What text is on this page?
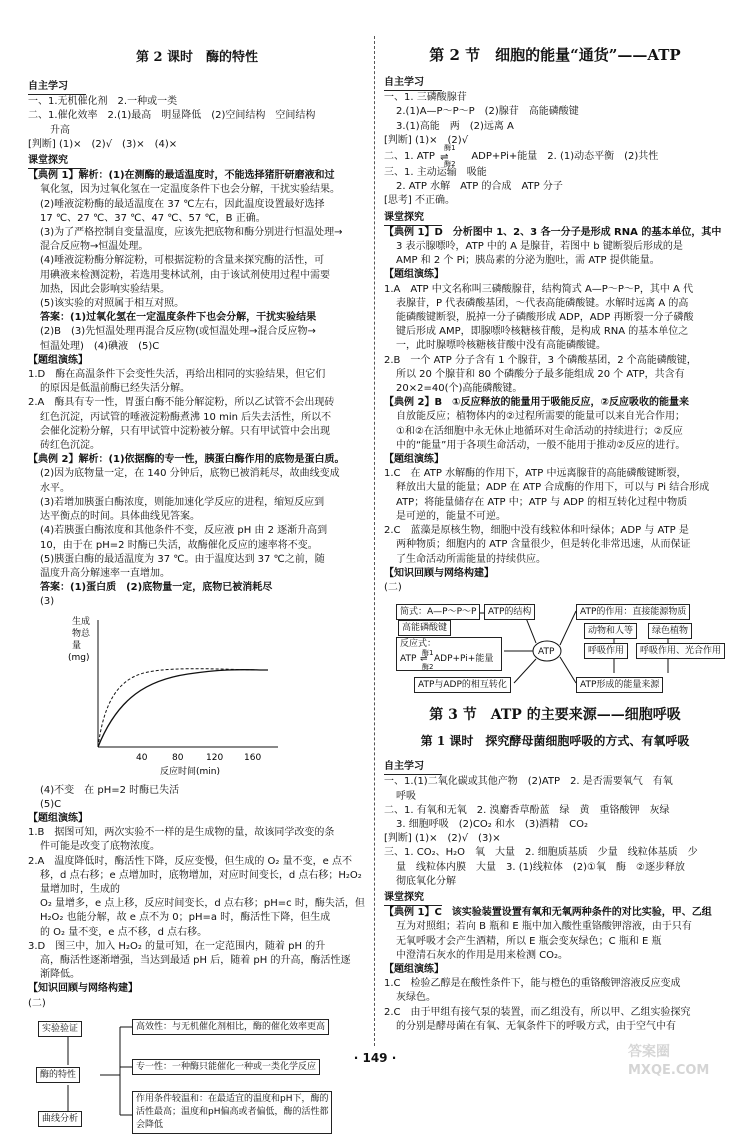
第 2 课时　酶的特性
自主学习

一、1.无机催化剂　2.一种或一类

二、1.催化效率　2.(1)最高　明显降低　(2)空间结构　空间结构

升高

[判断] (1)×　(2)√　(3)×　(4)×

课堂探究

【典例 1】解析：(1)在测酶的最适温度时，不能选择猪肝研磨液和过

氧化氢，因为过氧化氢在一定温度条件下也会分解，干扰实验结果。

(2)唾液淀粉酶的最适温度在 37 ℃左右，因此温度设置最好选择

17 ℃、27 ℃、37 ℃、47 ℃、57 ℃，B 正确。

(3)为了严格控制自变量温度，应该先把底物和酶分别进行恒温处理→

混合反应物→恒温处理。

(4)唾液淀粉酶分解淀粉，可根据淀粉的含量来探究酶的活性，可

用碘液来检测淀粉，若选用斐林试剂，由于该试剂使用过程中需要

加热，因此会影响实验结果。

(5)该实验的对照属于相互对照。

答案：(1)过氧化氢在一定温度条件下也会分解，干扰实验结果

(2)B　(3)先恒温处理再混合反应物(或恒温处理→混合反应物→

恒温处理)　(4)碘液　(5)C

【题组演练】

1.D　酶在高温条件下会变性失活，再给出相同的实验结果，但它们

的原因是低温前酶已经失活分解。

2.A　酶具有专一性，胃蛋白酶不能分解淀粉，所以乙试管不会出现砖

红色沉淀，丙试管的唾液淀粉酶煮沸 10 min 后失去活性，所以不

会催化淀粉分解，只有甲试管中淀粉被分解。只有甲试管中会出现

砖红色沉淀。

【典例 2】解析：(1)依据酶的专一性，胰蛋白酶作用的底物是蛋白质。

(2)因为底物量一定，在 140 分钟后，底物已被消耗尽，故曲线变成

水平。

(3)若增加胰蛋白酶浓度，则能加速化学反应的进程，缩短反应到

达平衡点的时间。具体曲线见答案。

(4)若胰蛋白酶浓度和其他条件不变，反应液 pH 由 2 逐渐升高到

10，由于在 pH=2 时酶已失活，故酶催化反应的速率将不变。

(5)胰蛋白酶的最适温度为 37 ℃。由于温度达到 37 ℃之前，随

温度升高分解速率一直增加。

答案：(1)蛋白质　(2)底物量一定，底物已被消耗尽

(3)

生成
物总
量
(mg)
40	80	120 160
反应时间(min)

(4)不变　在 pH=2 时酶已失活

(5)C

【题组演练】

1.B　据图可知，两次实验不一样的是生成物的量，故该同学改变的条

件可能是改变了底物浓度。

2.A　温度降低时，酶活性下降，反应变慢，但生成的 O₂ 量不变，e 点不

移，d 点右移；e 点增加时，底物增加，对应时间变长，d 点右移；H₂O₂ 量增加时，生成的

O₂ 量增多，e 点上移，反应时间变长，d 点右移；pH=c 时，酶失活，但

H₂O₂ 也能分解，故 e 点不为 0；pH=a 时，酶活性下降，但生成

的 O₂ 量不变，e 点不移，d 点右移。

3.D　图三中，加入 H₂O₂ 的量可知，在一定范围内，随着 pH 的升

高，酶活性逐渐增强，当达到最适 pH 后，随着 pH 的升高，酶活性逐

渐降低。

【知识回顾与网络构建】

(二)

实验验证
酶的特性
曲线分析
高效性：与无机催化剂相比，酶的催化效率更高
专一性：一种酶只能催化一种或一类化学反应
作用条件较温和：在最适宜的温度和pH下，酶的
活性最高；温度和pH偏高或者偏低，酶的活性都
会降低
第 2 节　细胞的能量“通货”——ATP
自主学习

一、1. 三磷酸腺苷

2.(1)A—P～P～P　(2)腺苷　高能磷酸键

3.(1)高能　两　(2)远离 A

[判断] (1)×　(2)√

二、1. ATP
酶1
⇌
酶2
ADP+Pi+能量　2. (1)动态平衡　(2)共性

三、1. 主动运输　吸能

2. ATP 水解　ATP 的合成　ATP 分子

[思考] 不正确。

课堂探究

【典例 1】D　分析图中 1、2、3 各一分子是形成 RNA 的基本单位，其中

3 表示腺嘌呤，ATP 中的 A 是腺苷，若图中 b 键断裂后形成的是

AMP 和 2 个 Pi；胰岛素的分泌为胞吐，需 ATP 提供能量。

【题组演练】

1.A　ATP 中文名称叫三磷酸腺苷，结构简式 A—P～P～P，其中 A 代

表腺苷，P 代表磷酸基团，～代表高能磷酸键。水解时远离 A 的高

能磷酸键断裂，脱掉一分子磷酸形成 ADP，ADP 再断裂一分子磷酸

键后形成 AMP，即腺嘌呤核糖核苷酸，是构成 RNA 的基本单位之

一，此时腺嘌呤核糖核苷酸中没有高能磷酸键。

2.B　一个 ATP 分子含有 1 个腺苷，3 个磷酸基团，2 个高能磷酸键，

所以 20 个腺苷和 80 个磷酸分子最多能组成 20 个 ATP，共含有

20×2=40(个)高能磷酸键。

【典例 2】B　①反应释放的能量用于吸能反应，②反应吸收的能量来

自放能反应；植物体内的②过程所需要的能量可以来自光合作用；

①和②在活细胞中永无休止地循环对生命活动的持续进行；②反应

中的“能量”用于各项生命活动，一般不能用于推动②反应的进行。

【题组演练】

1.C　在 ATP 水解酶的作用下，ATP 中远离腺苷的高能磷酸键断裂，

释放出大量的能量；ADP 在 ATP 合成酶的作用下，可以与 Pi 结合形成

ATP；将能量储存在 ATP 中；ATP 与 ADP 的相互转化过程中物质

是可逆的，能量不可逆。

2.C　蓝藻是原核生物，细胞中没有线粒体和叶绿体；ADP 与 ATP 是

两种物质；细胞内的 ATP 含量很少，但是转化非常迅速，从而保证

了生命活动所需能量的持续供应。

【知识回顾与网络构建】

(二)

简式：A—P～P～P
高能磷酸键
ATP的结构
反应式：
ATP
酶1
⇌
酶2
ADP+Pi+能量
ATP与ADP的相互转化
ATP
ATP的作用：直接能源物质
动物和人等	绿色植物
呼吸作用	呼吸作用、光合作用
ATP形成的能量来源
第 3 节　ATP 的主要来源——细胞呼吸
第 1 课时　探究酵母菌细胞呼吸的方式、有氧呼吸
自主学习

一、1.(1)二氧化碳或其他产物　(2)ATP　2. 是否需要氧气　有氧

呼吸

二、1. 有氧和无氧　2. 溴麝香草酚蓝　绿　黄　重铬酸钾　灰绿

3. 细胞呼吸　(2)CO₂ 和水　(3)酒精　CO₂

[判断] (1)×　(2)√　(3)×

三、1. CO₂、H₂O　氧　大量　2. 细胞质基质　少量　线粒体基质　少

量　线粒体内膜　大量　3. (1)线粒体　(2)①氧　酶　②逐步释放

彻底氧化分解

课堂探究

【典例 1】C　该实验装置设置有氧和无氧两种条件的对比实验，甲、乙组

互为对照组；若向 B 瓶和 E 瓶中加入酸性重铬酸钾溶液，由于只有

无氧呼吸才会产生酒精，所以 E 瓶会变灰绿色；C 瓶和 E 瓶

中澄清石灰水的作用是用来检测 CO₂。

【题组演练】

1.C　检验乙醇是在酸性条件下，能与橙色的重铬酸钾溶液反应变成

灰绿色。

2.C　由于甲组有接气泵的装置，而乙组没有，所以甲、乙组实验探究

的分别是酵母菌在有氧、无氧条件下的呼吸方式，由于空气中有

· 149 ·	答案圈
MXQE.COM
